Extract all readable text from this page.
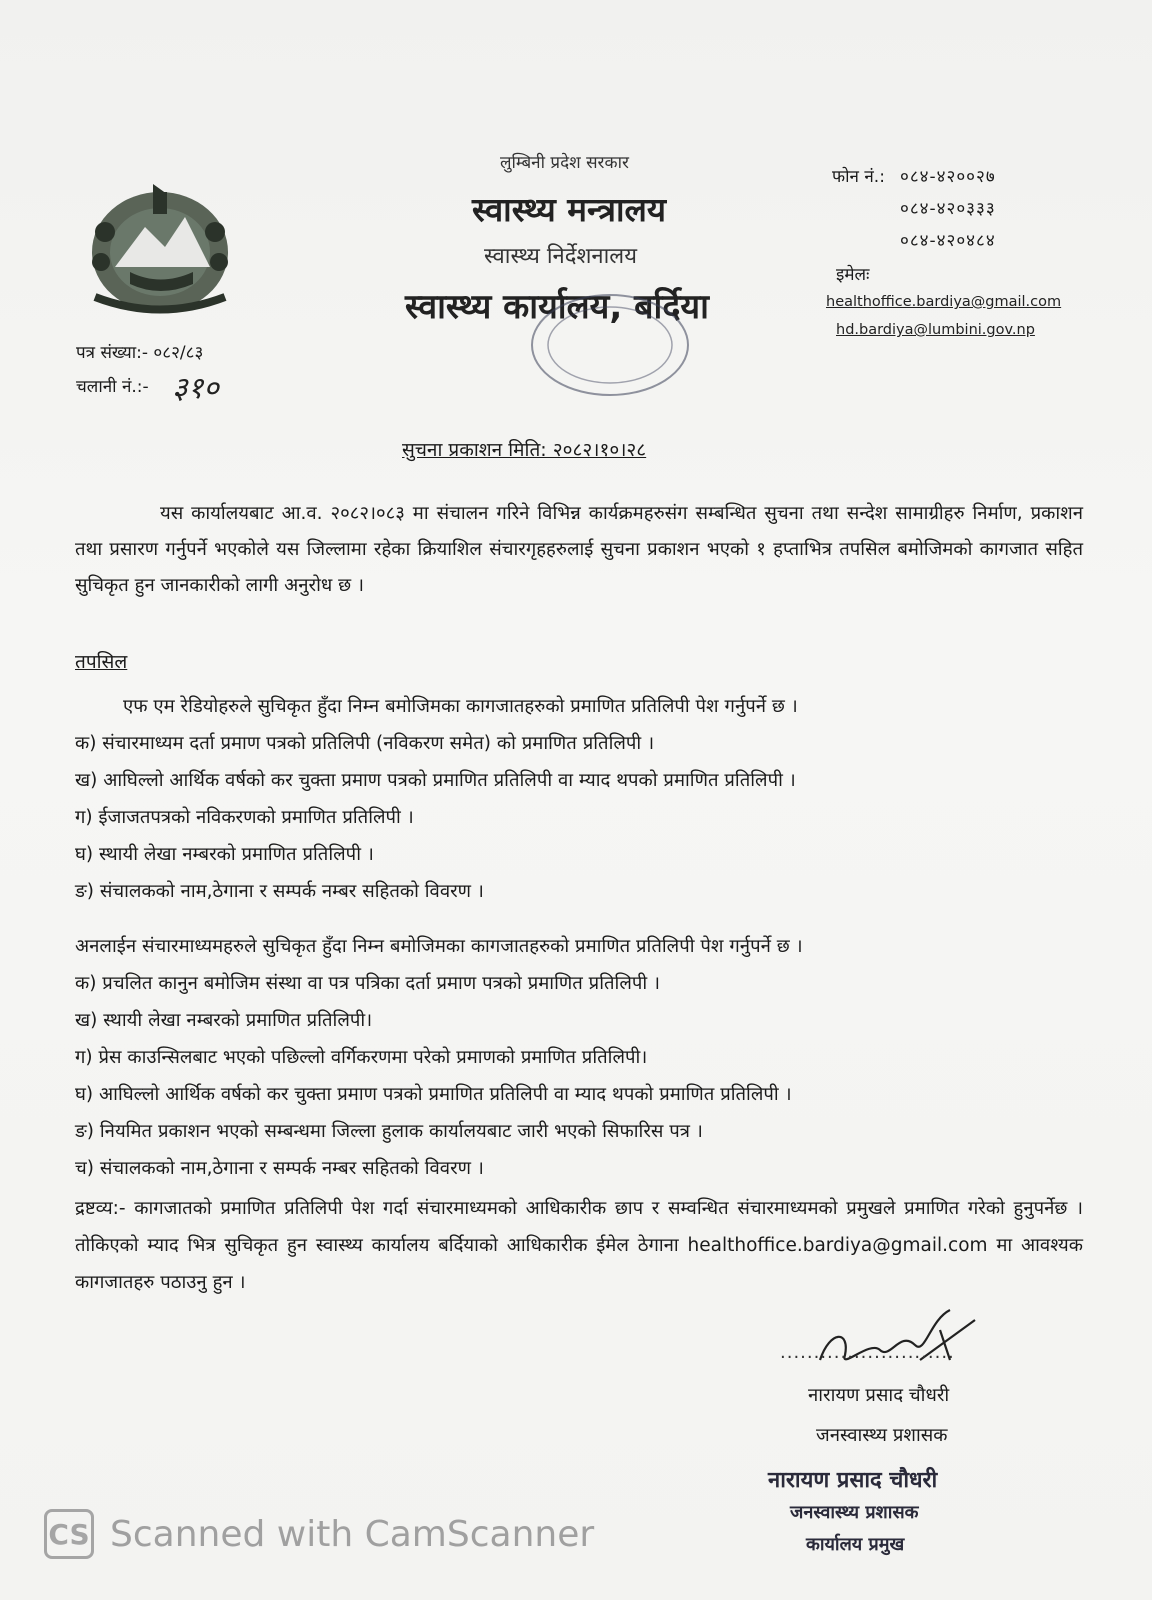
लुम्बिनी प्रदेश सरकार
स्वास्थ्य मन्त्रालय
स्वास्थ्य निर्देशनालय
स्वास्थ्य कार्यालय, बर्दिया
फोन नं.: ०८४-४२००२७
०८४-४२०३३३
०८४-४२०४८४
इमेलः
healthoffice.bardiya@gmail.com
hd.bardiya@lumbini.gov.np
पत्र संख्या:- ०८२/८३
चलानी नं.:- ३१०
सुचना प्रकाशन मिति: २०८२।१०।२८
यस कार्यालयबाट आ.व. २०८२।०८३ मा संचालन गरिने विभिन्न कार्यक्रमहरुसंग सम्बन्धित सुचना तथा सन्देश सामाग्रीहरु निर्माण, प्रकाशन तथा प्रसारण गर्नुपर्ने भएकोले यस जिल्लामा रहेका क्रियाशिल संचारगृहहरुलाई सुचना प्रकाशन भएको १ हप्ताभित्र तपसिल बमोजिमको कागजात सहित सुचिकृत हुन जानकारीको लागी अनुरोध छ ।
तपसिल
एफ एम रेडियोहरुले सुचिकृत हुँदा निम्न बमोजिमका कागजातहरुको प्रमाणित प्रतिलिपी पेश गर्नुपर्ने छ ।
क) संचारमाध्यम दर्ता प्रमाण पत्रको प्रतिलिपी (नविकरण समेत) को प्रमाणित प्रतिलिपी ।
ख) आघिल्लो आर्थिक वर्षको कर चुक्ता प्रमाण पत्रको प्रमाणित प्रतिलिपी वा म्याद थपको प्रमाणित प्रतिलिपी ।
ग) ईजाजतपत्रको नविकरणको प्रमाणित प्रतिलिपी ।
घ) स्थायी लेखा नम्बरको प्रमाणित प्रतिलिपी ।
ङ) संचालकको नाम,ठेगाना र सम्पर्क नम्बर सहितको विवरण ।
अनलाईन संचारमाध्यमहरुले सुचिकृत हुँदा निम्न बमोजिमका कागजातहरुको प्रमाणित प्रतिलिपी पेश गर्नुपर्ने छ ।
क) प्रचलित कानुन बमोजिम संस्था वा पत्र पत्रिका दर्ता प्रमाण पत्रको प्रमाणित प्रतिलिपी ।
ख) स्थायी लेखा नम्बरको प्रमाणित प्रतिलिपी।
ग) प्रेस काउन्सिलबाट भएको पछिल्लो वर्गिकरणमा परेको प्रमाणको प्रमाणित प्रतिलिपी।
घ) आघिल्लो आर्थिक वर्षको कर चुक्ता प्रमाण पत्रको प्रमाणित प्रतिलिपी वा म्याद थपको प्रमाणित प्रतिलिपी ।
ङ) नियमित प्रकाशन भएको सम्बन्धमा जिल्ला हुलाक कार्यालयबाट जारी भएको सिफारिस पत्र ।
च) संचालकको नाम,ठेगाना र सम्पर्क नम्बर सहितको विवरण ।
द्रष्टव्य:- कागजातको प्रमाणित प्रतिलिपी पेश गर्दा संचारमाध्यमको आधिकारीक छाप र सम्वन्धित संचारमाध्यमको प्रमुखले प्रमाणित गरेको हुनुपर्नेछ । तोकिएको म्याद भित्र सुचिकृत हुन स्वास्थ्य कार्यालय बर्दियाको आधिकारीक ईमेल ठेगाना healthoffice.bardiya@gmail.com मा आवश्यक कागजातहरु पठाउनु हुन ।
..........................
नारायण प्रसाद चौधरी
जनस्वास्थ्य प्रशासक
नारायण प्रसाद चौधरी
जनस्वास्थ्य प्रशासक
कार्यालय प्रमुख
CS Scanned with CamScanner
